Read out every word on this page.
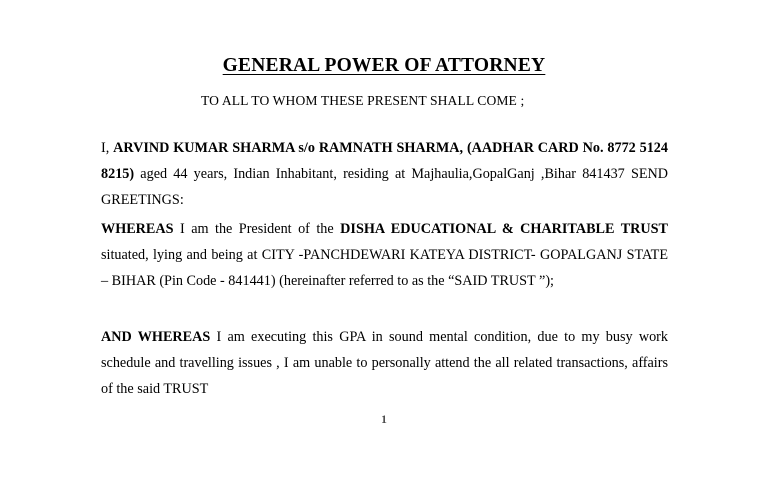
GENERAL POWER OF ATTORNEY
TO ALL TO WHOM THESE PRESENT SHALL COME ;

I, ARVIND KUMAR SHARMA s/o RAMNATH SHARMA, (AADHAR CARD No. 8772 5124 8215) aged 44 years, Indian Inhabitant, residing at Majhaulia,GopalGanj ,Bihar 841437 SEND GREETINGS:

WHEREAS I am the President of the DISHA EDUCATIONAL & CHARITABLE TRUST situated, lying and being at CITY -PANCHDEWARI KATEYA DISTRICT- GOPALGANJ STATE – BIHAR (Pin Code - 841441) (hereinafter referred to as the “SAID TRUST ”);

AND WHEREAS I am executing this GPA in sound mental condition, due to my busy work schedule and travelling issues , I am unable to personally attend the all related transactions, affairs of the said TRUST

1
